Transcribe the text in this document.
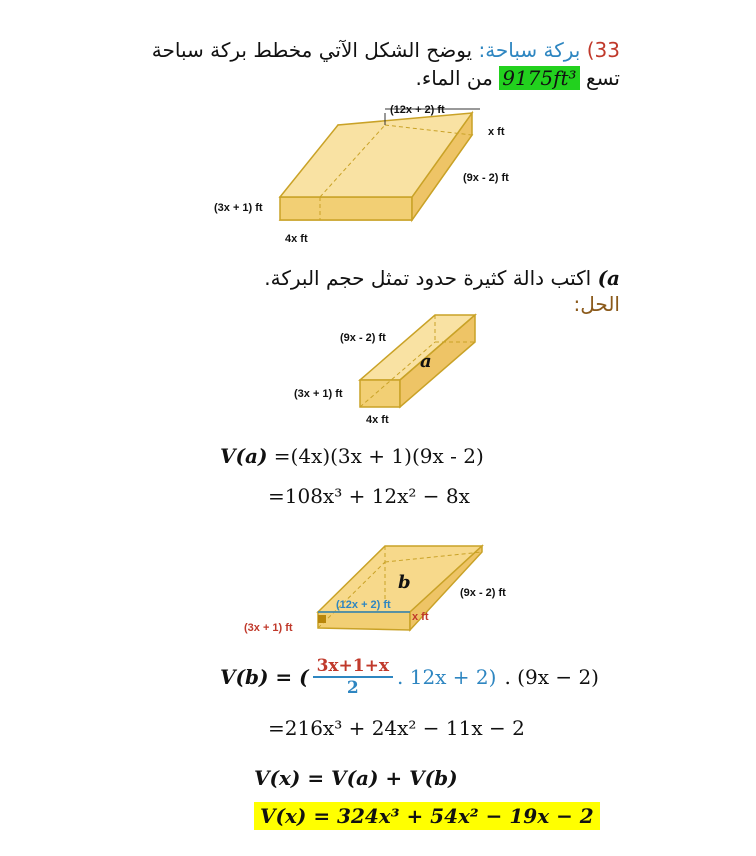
33) بركة سباحة: يوضح الشكل الآتي مخطط بركة سباحة
تسع 9175ft³ من الماء.
(12x + 2) ft
x ft
(9x - 2) ft
(3x + 1) ft
4x ft
a) اكتب دالة كثيرة حدود تمثل حجم البركة.
الحل:
a
(9x - 2) ft
(3x + 1) ft
4x ft
V(a) =(4x)(3x + 1)(9x - 2)
=108x³ + 12x² − 8x
b
(12x + 2) ft
x ft
(9x - 2) ft
(3x + 1) ft
V(b) = ( $\frac{3x+1+x}{2}$ . 12x + 2) . (9x − 2)
=216x³ + 24x² − 11x − 2
V(x) = V(a) + V(b)
V(x) = 324x³ + 54x² − 19x − 2
